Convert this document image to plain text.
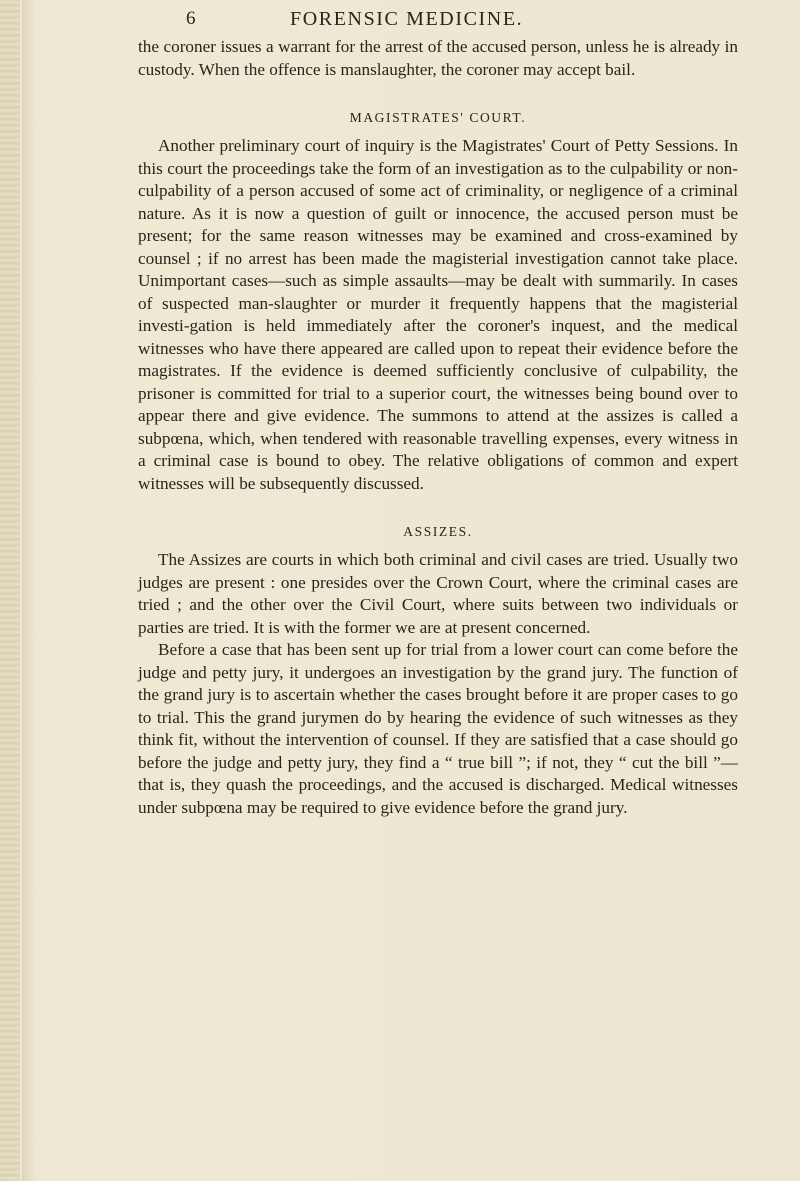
6	FORENSIC MEDICINE.

the coroner issues a warrant for the arrest of the accused person, unless he is already in custody. When the offence is manslaughter, the coroner may accept bail.

MAGISTRATES' COURT.

Another preliminary court of inquiry is the Magistrates' Court of Petty Sessions. In this court the proceedings take the form of an investigation as to the culpability or non-culpability of a person accused of some act of criminality, or negligence of a criminal nature. As it is now a question of guilt or innocence, the accused person must be present; for the same reason witnesses may be examined and cross-examined by counsel ; if no arrest has been made the magisterial investigation cannot take place. Unimportant cases—such as simple assaults—may be dealt with summarily. In cases of suspected man-slaughter or murder it frequently happens that the magisterial investi-gation is held immediately after the coroner's inquest, and the medical witnesses who have there appeared are called upon to repeat their evidence before the magistrates. If the evidence is deemed sufficiently conclusive of culpability, the prisoner is committed for trial to a superior court, the witnesses being bound over to appear there and give evidence. The summons to attend at the assizes is called a subpœna, which, when tendered with reasonable travelling expenses, every witness in a criminal case is bound to obey. The relative obligations of common and expert witnesses will be subsequently discussed.

ASSIZES.

The Assizes are courts in which both criminal and civil cases are tried. Usually two judges are present : one presides over the Crown Court, where the criminal cases are tried ; and the other over the Civil Court, where suits between two individuals or parties are tried. It is with the former we are at present concerned.

Before a case that has been sent up for trial from a lower court can come before the judge and petty jury, it undergoes an investigation by the grand jury. The function of the grand jury is to ascertain whether the cases brought before it are proper cases to go to trial. This the grand jurymen do by hearing the evidence of such witnesses as they think fit, without the intervention of counsel. If they are satisfied that a case should go before the judge and petty jury, they find a “ true bill ”; if not, they “ cut the bill ”—that is, they quash the proceedings, and the accused is discharged. Medical witnesses under subpœna may be required to give evidence before the grand jury.
